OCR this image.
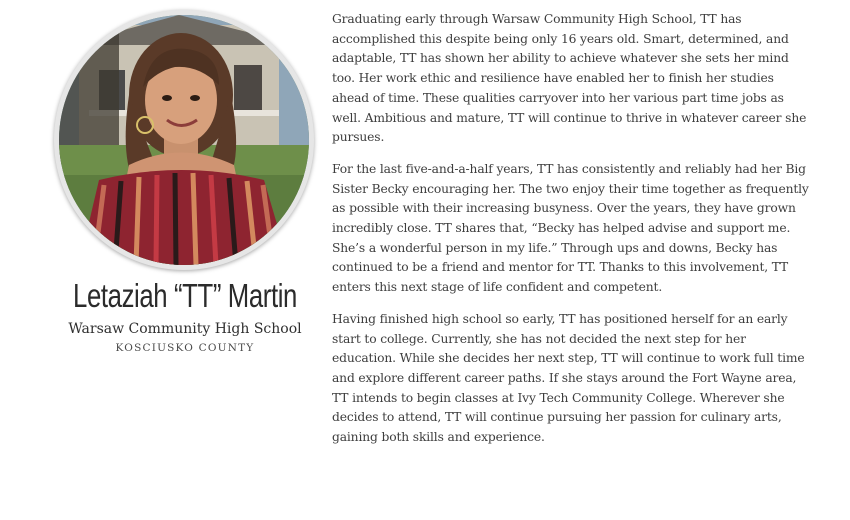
Letaziah “TT” Martin
Warsaw Community High School
KOSCIUSKO COUNTY

Graduating early through Warsaw Community High School, TT has accomplished this despite being only 16 years old. Smart, determined, and adaptable, TT has shown her ability to achieve whatever she sets her mind too. Her work ethic and resilience have enabled her to finish her studies ahead of time. These qualities carryover into her various part time jobs as well. Ambitious and mature, TT will continue to thrive in whatever career she pursues.

For the last five-and-a-half years, TT has consistently and reliably had her Big Sister Becky encouraging her. The two enjoy their time together as frequently as possible with their increasing busyness. Over the years, they have grown incredibly close. TT shares that, “Becky has helped advise and support me. She’s a wonderful person in my life.” Through ups and downs, Becky has continued to be a friend and mentor for TT. Thanks to this involvement, TT enters this next stage of life confident and competent.

Having finished high school so early, TT has positioned herself for an early start to college. Currently, she has not decided the next step for her education. While she decides her next step, TT will continue to work full time and explore different career paths. If she stays around the Fort Wayne area, TT intends to begin classes at Ivy Tech Community College. Wherever she decides to attend, TT will continue pursuing her passion for culinary arts, gaining both skills and experience.
